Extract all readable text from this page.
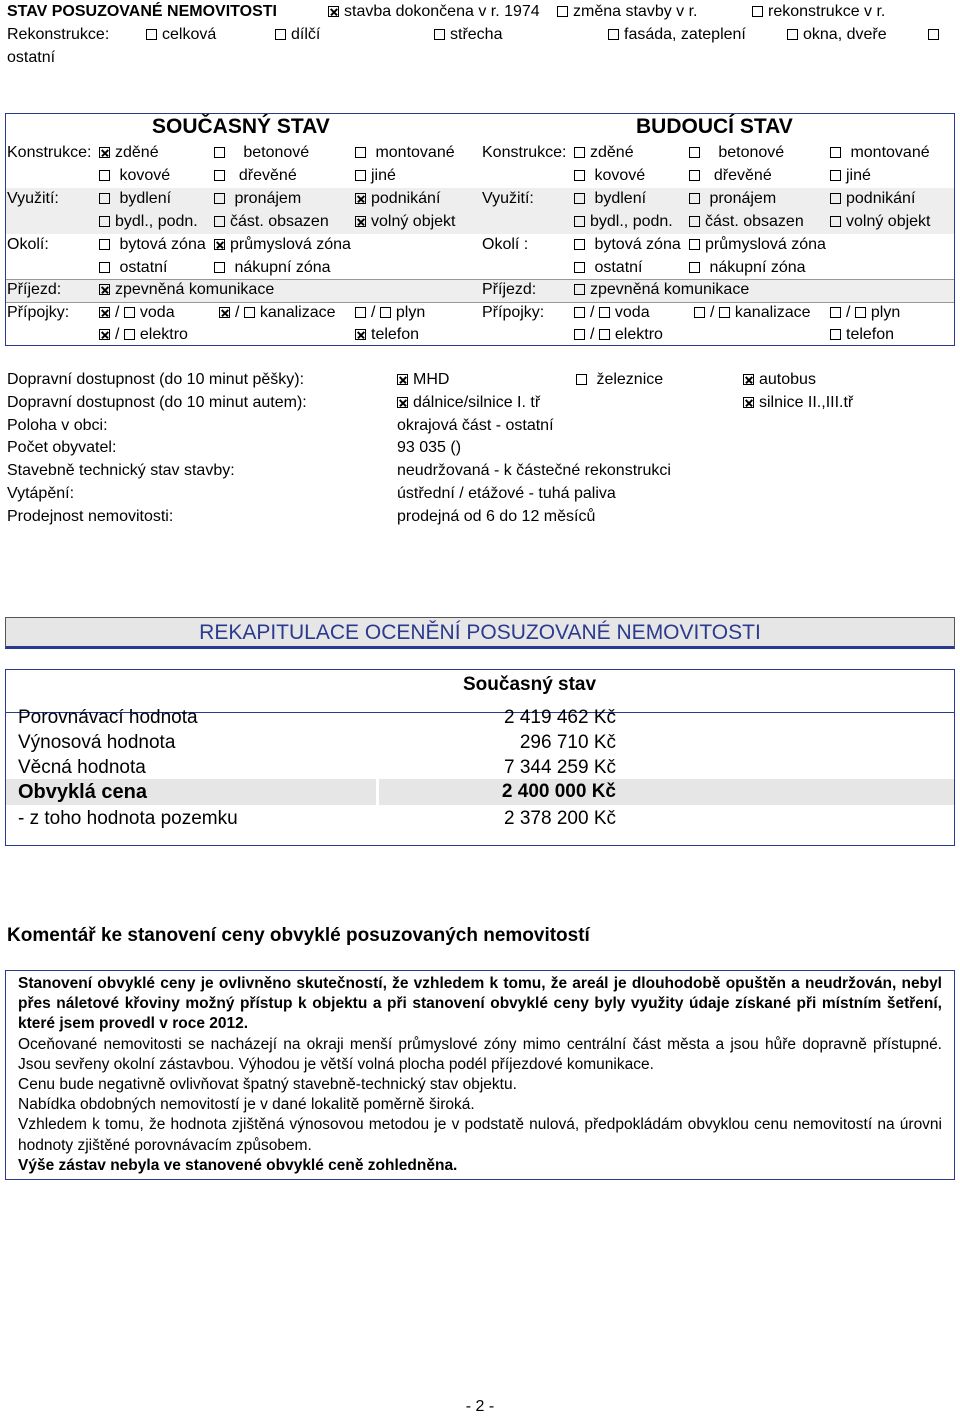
STAV POSUZOVANÉ NEMOVITOSTI	stavba dokončena v r. 1974	změna stavby v r.	rekonstrukce v r.
Rekonstrukce:	celková	dílčí	střecha	fasáda, zateplení	okna, dveře
ostatní
SOUČASNÝ STAV	BUDOUCÍ STAV
Konstrukce:	zděné	betonové	montované
kovové	dřevěné	jiné
Využití:	bydlení	pronájem	podnikání
bydl., podn.	část. obsazen	volný objekt
Okolí:	bytová zóna	průmyslová zóna
ostatní	nákupní zóna
Příjezd:	zpevněná komunikace
Přípojky:	/ voda	/ kanalizace	/ plyn
/ elektro	telefon
Konstrukce:	zděné	betonové	montované
kovové	dřevěné	jiné
Využití:	bydlení	pronájem	podnikání
bydl., podn.	část. obsazen	volný objekt
Okolí :	bytová zóna	průmyslová zóna
ostatní	nákupní zóna
Příjezd:	zpevněná komunikace
Přípojky:	/ voda	/ kanalizace	/ plyn
/ elektro	telefon
Dopravní dostupnost (do 10 minut pěšky):	MHD	železnice	autobus
Dopravní dostupnost (do 10 minut autem):	dálnice/silnice I. tř	silnice II.,III.tř
Poloha v obci:	okrajová část - ostatní
Počet obyvatel:	93 035 ()
Stavebně technický stav stavby:	neudržovaná - k částečné rekonstrukci
Vytápění:	ústřední / etážové - tuhá paliva
Prodejnost nemovitosti:	prodejná od 6 do 12 měsíců
REKAPITULACE OCENĚNÍ POSUZOVANÉ NEMOVITOSTI
Současný stav
Porovnávací hodnota	2 419 462 Kč
Výnosová hodnota	296 710 Kč
Věcná hodnota	7 344 259 Kč
Obvyklá cena	2 400 000 Kč
- z toho hodnota pozemku	2 378 200 Kč
Komentář ke stanovení ceny obvyklé posuzovaných nemovitostí

Stanovení obvyklé ceny je ovlivněno skutečností, že vzhledem k tomu, že areál je dlouhodobě opuštěn a neudržován, nebyl přes náletové křoviny možný přístup k objektu a při stanovení obvyklé ceny byly využity údaje získané při místním šetření, které jsem provedl v roce 2012.

Oceňované nemovitosti se nacházejí na okraji menší průmyslové zóny mimo centrální část města a jsou hůře dopravně přístupné. Jsou sevřeny okolní zástavbou. Výhodou je větší volná plocha podél příjezdové komunikace.

Cenu bude negativně ovlivňovat špatný stavebně-technický stav objektu.

Nabídka obdobných nemovitostí je v dané lokalitě poměrně široká.

Vzhledem k tomu, že hodnota zjištěná výnosovou metodou je v podstatě nulová, předpokládám obvyklou cenu nemovitostí na úrovni hodnoty zjištěné porovnávacím způsobem.

Výše zástav nebyla ve stanovené obvyklé ceně zohledněna.

- 2 -
